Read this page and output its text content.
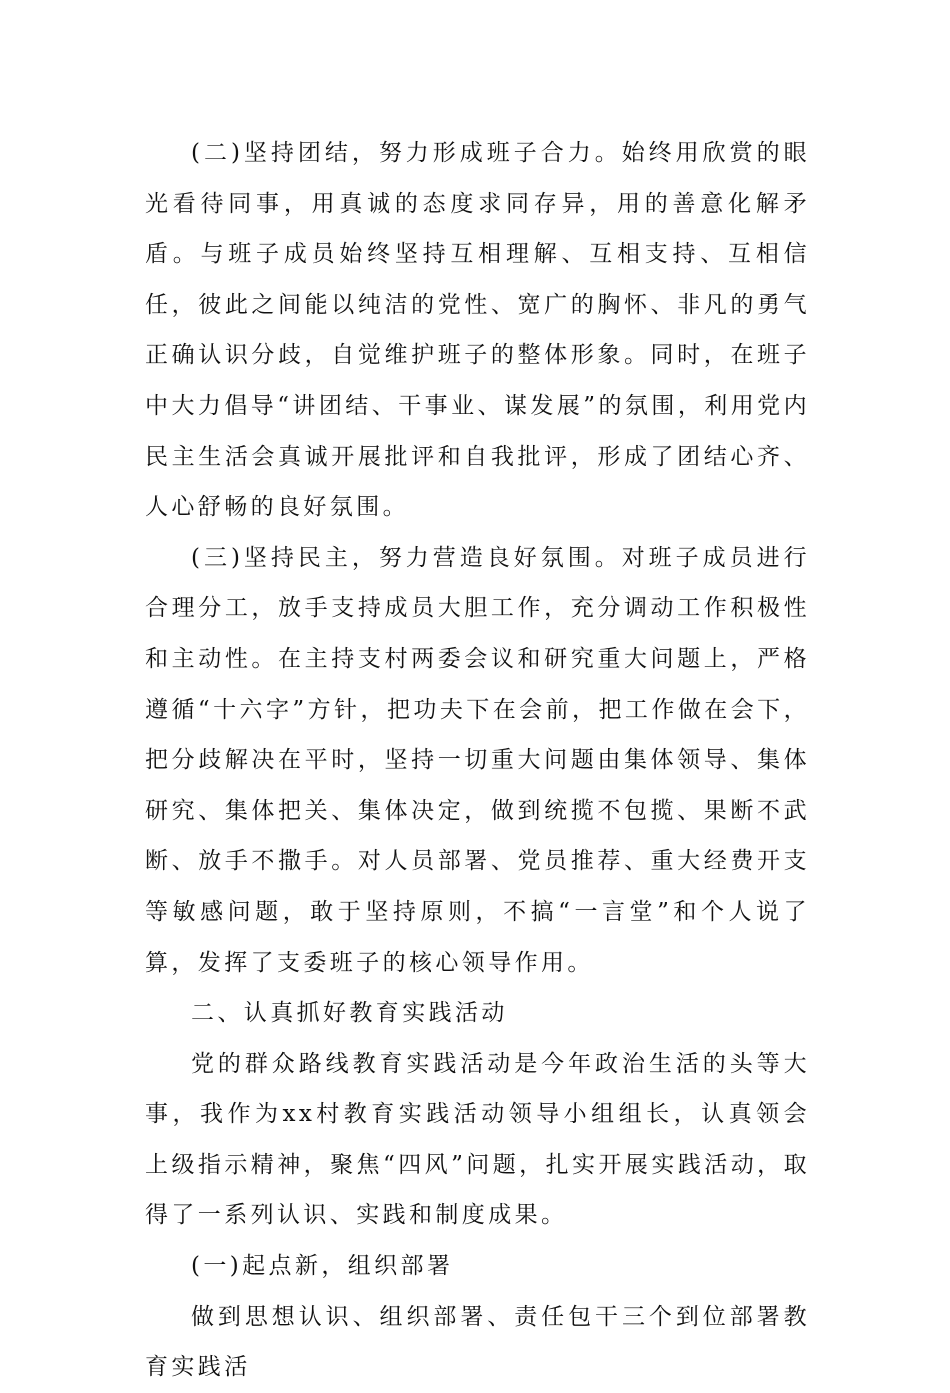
(二)坚持团结，努力形成班子合力。始终用欣赏的眼光看待同事，用真诚的态度求同存异，用的善意化解矛盾。与班子成员始终坚持互相理解、互相支持、互相信任，彼此之间能以纯洁的党性、宽广的胸怀、非凡的勇气正确认识分歧，自觉维护班子的整体形象。同时，在班子中大力倡导“讲团结、干事业、谋发展”的氛围，利用党内民主生活会真诚开展批评和自我批评，形成了团结心齐、人心舒畅的良好氛围。

(三)坚持民主，努力营造良好氛围。对班子成员进行合理分工，放手支持成员大胆工作，充分调动工作积极性和主动性。在主持支村两委会议和研究重大问题上，严格遵循“十六字”方针，把功夫下在会前，把工作做在会下，把分歧解决在平时，坚持一切重大问题由集体领导、集体研究、集体把关、集体决定，做到统揽不包揽、果断不武断、放手不撒手。对人员部署、党员推荐、重大经费开支等敏感问题，敢于坚持原则，不搞“一言堂”和个人说了算，发挥了支委班子的核心领导作用。

二、认真抓好教育实践活动

党的群众路线教育实践活动是今年政治生活的头等大事，我作为xx村教育实践活动领导小组组长，认真领会上级指示精神，聚焦“四风”问题，扎实开展实践活动，取得了一系列认识、实践和制度成果。

(一)起点新，组织部署

做到思想认识、组织部署、责任包干三个到位部署教育实践活
